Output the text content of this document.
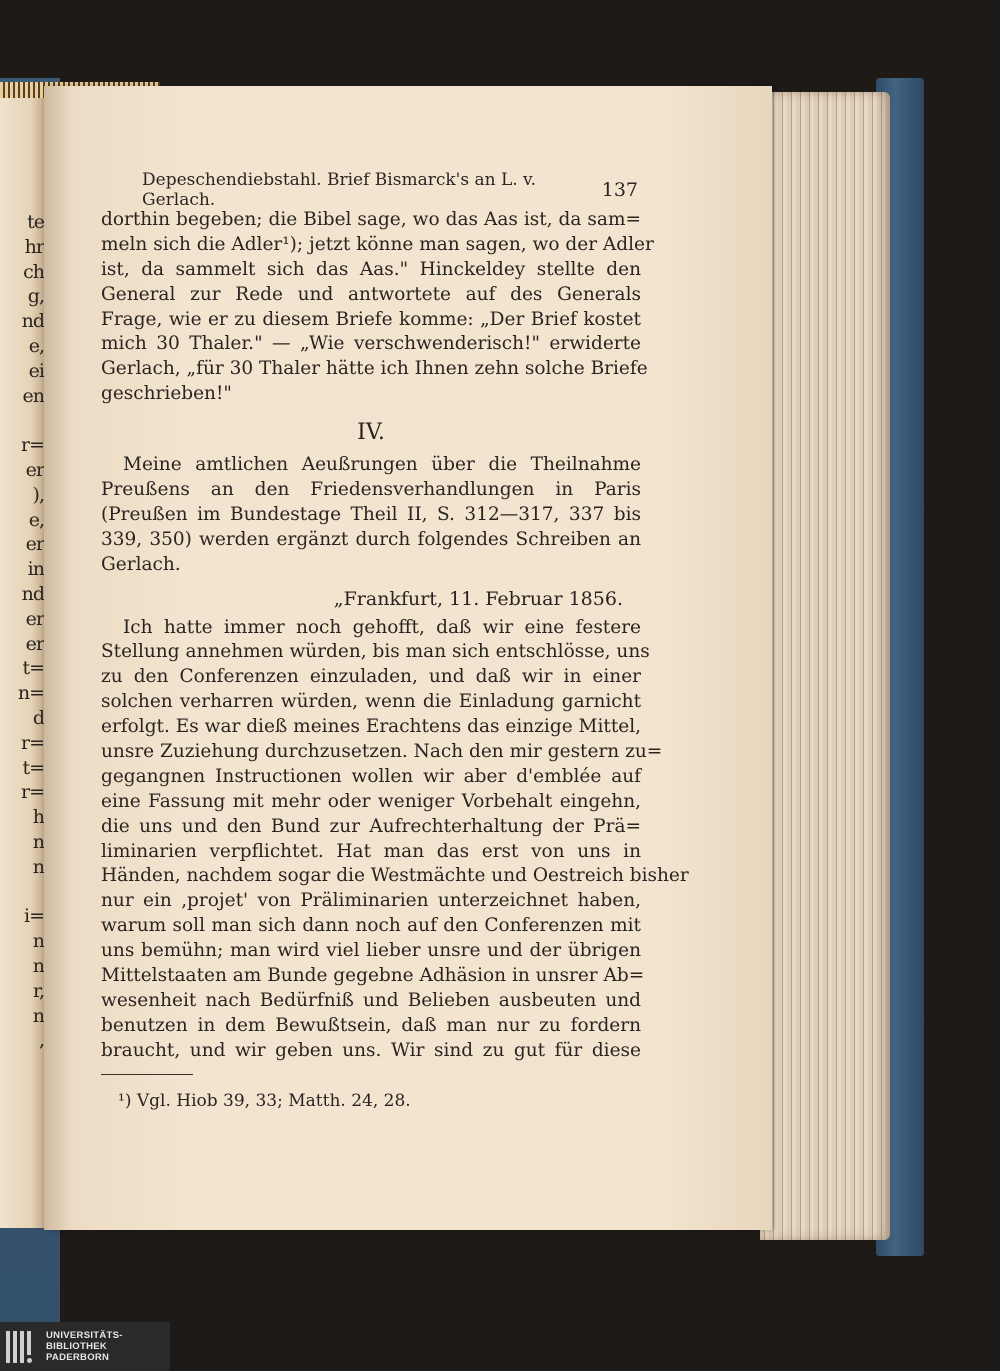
te
hr
ch
g,
nd
e,
ei
en

r=
er
),
e,
er
in
nd
er
er
t=
n=
d
r=
t=
r=
h
n
n

i=
n
n
r,
n
,
Depeschendiebstahl. Brief Bismarck's an L. v. Gerlach.	137
dorthin begeben; die Bibel sage, wo das Aas ist, da sam=
meln sich die Adler¹); jetzt könne man sagen, wo der Adler
ist, da sammelt sich das Aas." Hinckeldey stellte den
General zur Rede und antwortete auf des Generals
Frage, wie er zu diesem Briefe komme: „Der Brief kostet
mich 30 Thaler." — „Wie verschwenderisch!" erwiderte
Gerlach, „für 30 Thaler hätte ich Ihnen zehn solche Briefe
geschrieben!"
IV.
Meine amtlichen Aeußrungen über die Theilnahme
Preußens an den Friedensverhandlungen in Paris
(Preußen im Bundestage Theil II, S. 312—317, 337 bis
339, 350) werden ergänzt durch folgendes Schreiben an
Gerlach.
„Frankfurt, 11. Februar 1856.
Ich hatte immer noch gehofft, daß wir eine festere
Stellung annehmen würden, bis man sich entschlösse, uns
zu den Conferenzen einzuladen, und daß wir in einer
solchen verharren würden, wenn die Einladung garnicht
erfolgt. Es war dieß meines Erachtens das einzige Mittel,
unsre Zuziehung durchzusetzen. Nach den mir gestern zu=
gegangnen Instructionen wollen wir aber d'emblée auf
eine Fassung mit mehr oder weniger Vorbehalt eingehn,
die uns und den Bund zur Aufrechterhaltung der Prä=
liminarien verpflichtet. Hat man das erst von uns in
Händen, nachdem sogar die Westmächte und Oestreich bisher
nur ein ‚projet' von Präliminarien unterzeichnet haben,
warum soll man sich dann noch auf den Conferenzen mit
uns bemühn; man wird viel lieber unsre und der übrigen
Mittelstaaten am Bunde gegebne Adhäsion in unsrer Ab=
wesenheit nach Bedürfniß und Belieben ausbeuten und
benutzen in dem Bewußtsein, daß man nur zu fordern
braucht, und wir geben uns. Wir sind zu gut für diese
¹) Vgl. Hiob 39, 33; Matth. 24, 28.
UNIVERSITÄTS-
BIBLIOTHEK
PADERBORN
